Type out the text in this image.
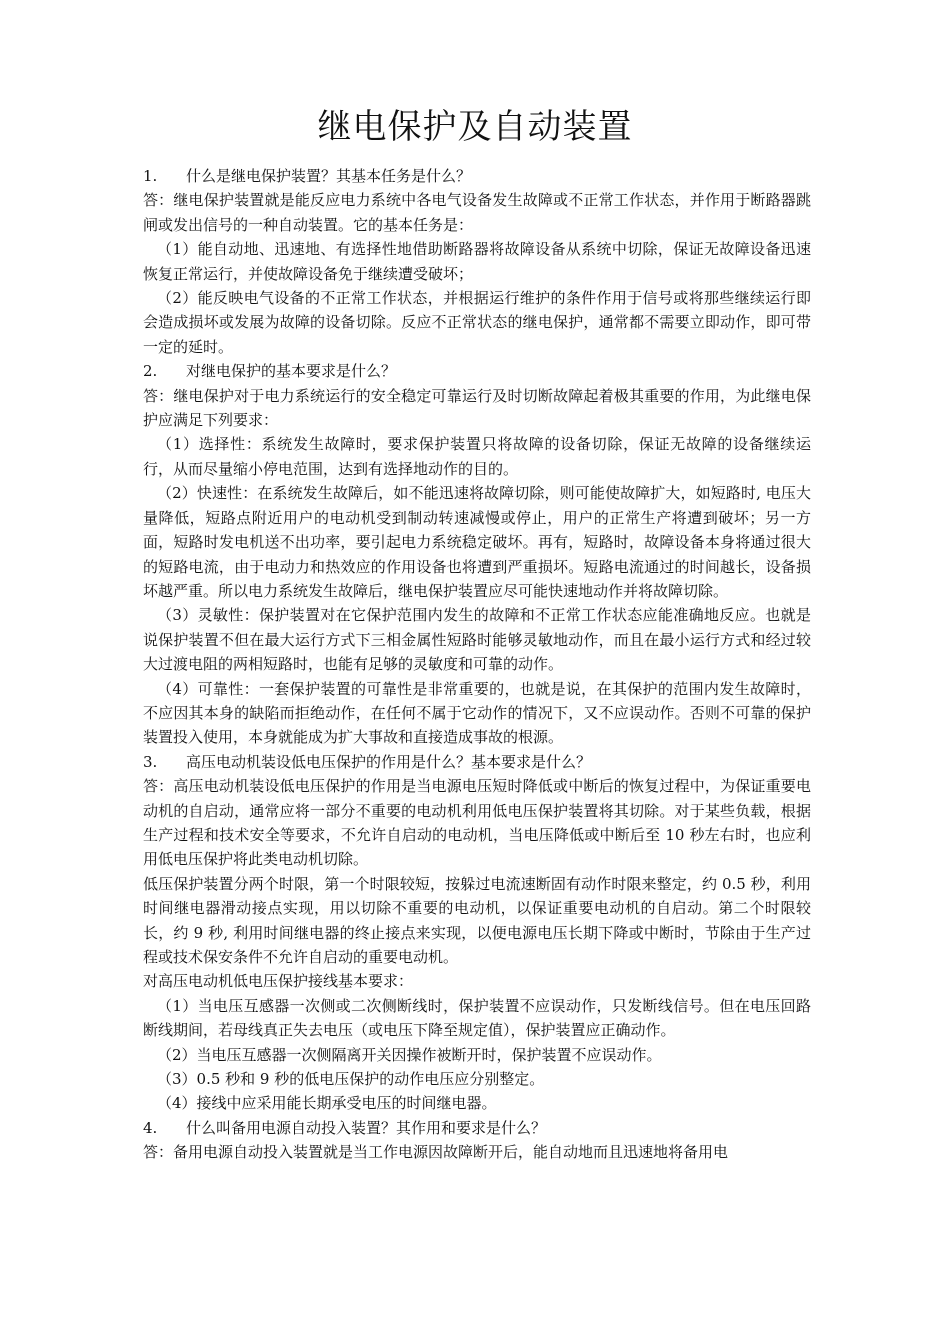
继电保护及自动装置

1. 什么是继电保护装置？其基本任务是什么？

答：继电保护装置就是能反应电力系统中各电气设备发生故障或不正常工作状态，并作用于断路器跳闸或发出信号的一种自动装置。它的基本任务是：

（1）能自动地、迅速地、有选择性地借助断路器将故障设备从系统中切除，保证无故障设备迅速恢复正常运行，并使故障设备免于继续遭受破坏；

（2）能反映电气设备的不正常工作状态，并根据运行维护的条件作用于信号或将那些继续运行即会造成损坏或发展为故障的设备切除。反应不正常状态的继电保护，通常都不需要立即动作，即可带一定的延时。

2. 对继电保护的基本要求是什么？

答：继电保护对于电力系统运行的安全稳定可靠运行及时切断故障起着极其重要的作用，为此继电保护应满足下列要求：

（1）选择性：系统发生故障时，要求保护装置只将故障的设备切除，保证无故障的设备继续运行，从而尽量缩小停电范围，达到有选择地动作的目的。

（2）快速性：在系统发生故障后，如不能迅速将故障切除，则可能使故障扩大，如短路时, 电压大量降低，短路点附近用户的电动机受到制动转速减慢或停止，用户的正常生产将遭到破坏；另一方面，短路时发电机送不出功率，要引起电力系统稳定破坏。再有，短路时，故障设备本身将通过很大的短路电流，由于电动力和热效应的作用设备也将遭到严重损坏。短路电流通过的时间越长，设备损坏越严重。所以电力系统发生故障后，继电保护装置应尽可能快速地动作并将故障切除。

（3）灵敏性：保护装置对在它保护范围内发生的故障和不正常工作状态应能准确地反应。也就是说保护装置不但在最大运行方式下三相金属性短路时能够灵敏地动作，而且在最小运行方式和经过较大过渡电阻的两相短路时，也能有足够的灵敏度和可靠的动作。

（4）可靠性：一套保护装置的可靠性是非常重要的，也就是说，在其保护的范围内发生故障时，不应因其本身的缺陷而拒绝动作，在任何不属于它动作的情况下，又不应误动作。否则不可靠的保护装置投入使用，本身就能成为扩大事故和直接造成事故的根源。

3. 高压电动机装设低电压保护的作用是什么？基本要求是什么？

答：高压电动机装设低电压保护的作用是当电源电压短时降低或中断后的恢复过程中，为保证重要电动机的自启动，通常应将一部分不重要的电动机利用低电压保护装置将其切除。对于某些负载，根据生产过程和技术安全等要求，不允许自启动的电动机，当电压降低或中断后至 10 秒左右时，也应利用低电压保护将此类电动机切除。

低压保护装置分两个时限，第一个时限较短，按躲过电流速断固有动作时限来整定，约 0.5 秒，利用时间继电器滑动接点实现，用以切除不重要的电动机，以保证重要电动机的自启动。第二个时限较长，约 9 秒, 利用时间继电器的终止接点来实现，以便电源电压长期下降或中断时，节除由于生产过程或技术保安条件不允许自启动的重要电动机。

对高压电动机低电压保护接线基本要求：

（1）当电压互感器一次侧或二次侧断线时，保护装置不应误动作，只发断线信号。但在电压回路断线期间，若母线真正失去电压（或电压下降至规定值），保护装置应正确动作。

（2）当电压互感器一次侧隔离开关因操作被断开时，保护装置不应误动作。

（3）0.5 秒和 9 秒的低电压保护的动作电压应分别整定。

（4）接线中应采用能长期承受电压的时间继电器。

4. 什么叫备用电源自动投入装置？其作用和要求是什么？

答：备用电源自动投入装置就是当工作电源因故障断开后，能自动地而且迅速地将备用电
